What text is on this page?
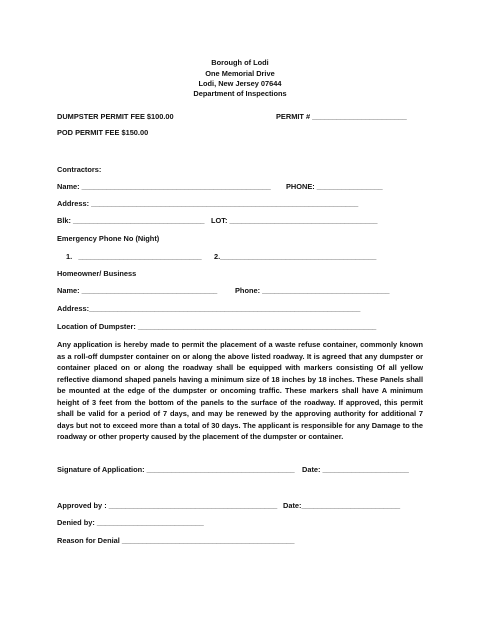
Borough of Lodi
One Memorial Drive
Lodi, New Jersey 07644
Department of Inspections
DUMPSTER PERMIT FEE $100.00	PERMIT # _______________________
POD PERMIT FEE $150.00
Contractors:
Name: ______________________________________________ PHONE: ________________
Address: _________________________________________________________________
Blk: ________________________________ LOT: ____________________________________
Emergency Phone No (Night)
1.   ______________________________ 2.______________________________________
Homeowner/ Business
Name: _________________________________ Phone: _______________________________
Address:__________________________________________________________________
Location of Dumpster: __________________________________________________________
Any application is hereby made to permit the placement of a waste refuse container, commonly known as a roll-off dumpster container on or along the above listed roadway. It is agreed that any dumpster or container placed on or along the roadway shall be equipped with markers consisting Of all yellow reflective diamond shaped panels having a minimum size of 18 inches by 18 inches. These Panels shall be mounted at the edge of the dumpster or oncoming traffic. These markers shall have A minimum height of 3 feet from the bottom of the panels to the surface of the roadway. If approved, this permit shall be valid for a period of 7 days, and may be renewed by the approving authority for additional 7 days but not to exceed more than a total of 30 days. The applicant is responsible for any Damage to the roadway or other property caused by the placement of the dumpster or container.
Signature of Application: ____________________________________ Date: _____________________
Approved by : _________________________________________ Date:________________________
Denied by: __________________________
Reason for Denial __________________________________________
